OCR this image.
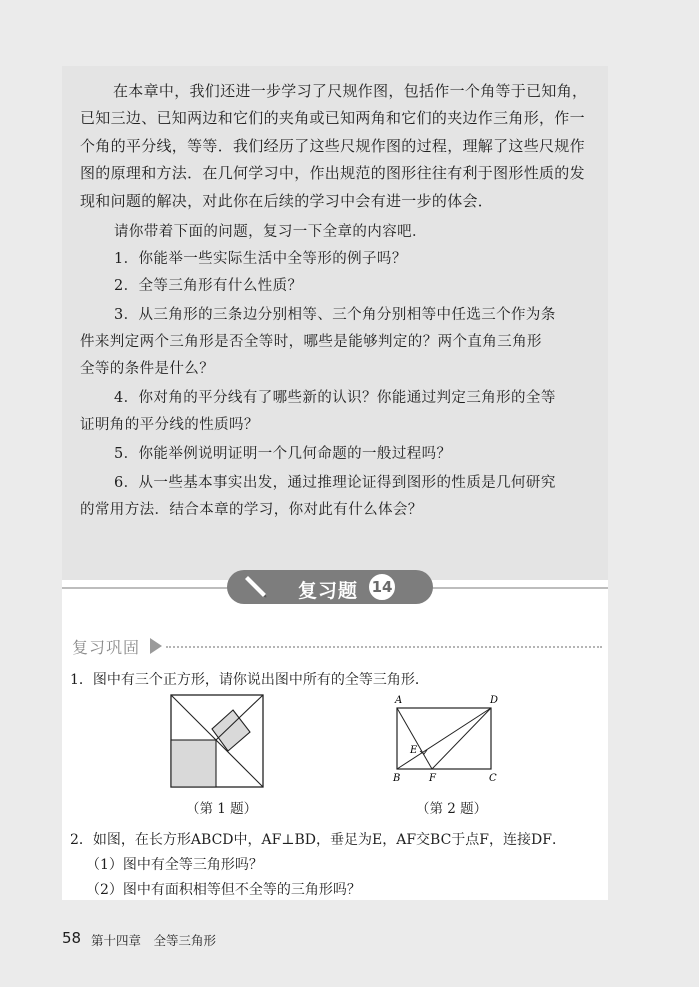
在本章中，我们还进一步学习了尺规作图，包括作一个角等于已知角，已知三边、已知两边和它们的夹角或已知两角和它们的夹边作三角形，作一个角的平分线，等等．我们经历了这些尺规作图的过程，理解了这些尺规作图的原理和方法．在几何学习中，作出规范的图形往往有利于图形性质的发现和问题的解决，对此你在后续的学习中会有进一步的体会．

请你带着下面的问题，复习一下全章的内容吧．
1．你能举一些实际生活中全等形的例子吗？
2．全等三角形有什么性质？
3．从三角形的三条边分别相等、三个角分别相等中任选三个作为条
件来判定两个三角形是否全等时，哪些是能够判定的？两个直角三角形
全等的条件是什么？
4．你对角的平分线有了哪些新的认识？你能通过判定三角形的全等
证明角的平分线的性质吗？
5．你能举例说明证明一个几何命题的一般过程吗？
6．从一些基本事实出发，通过推理论证得到图形的性质是几何研究
的常用方法．结合本章的学习，你对此有什么体会？
复习题 14
复习巩固
1．图中有三个正方形，请你说出图中所有的全等三角形．
（第 1 题）
A	D
E
B	F	C
（第 2 题）
2．如图，在长方形ABCD中，AF⊥BD，垂足为E，AF交BC于点F，连接DF．
（1）图中有全等三角形吗？
（2）图中有面积相等但不全等的三角形吗？
58 第十四章　全等三角形
